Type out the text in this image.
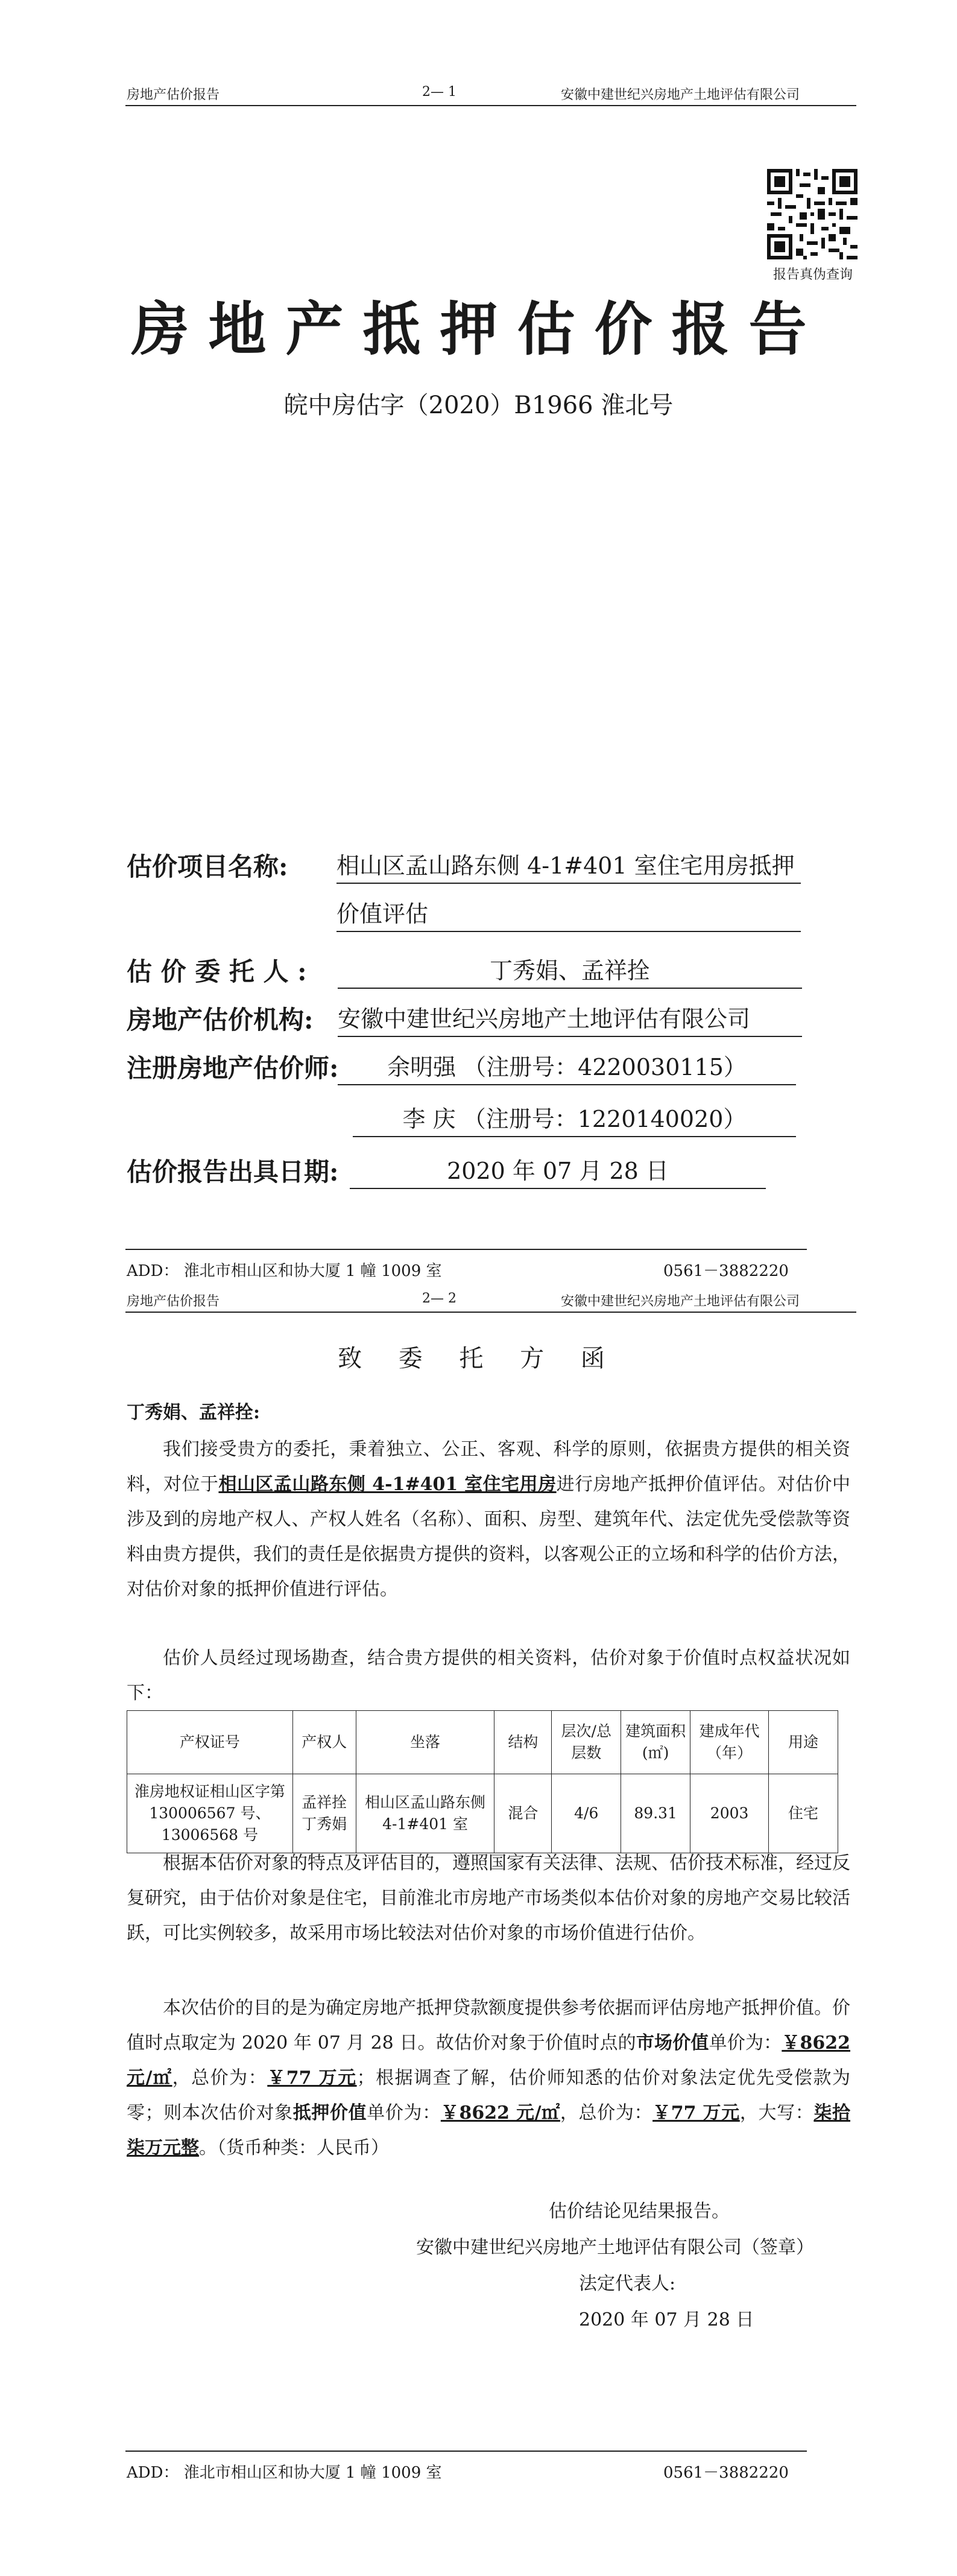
房地产估价报告	2— 1	安徽中建世纪兴房地产土地评估有限公司
报告真伪查询
房地产抵押估价报告
皖中房估字（2020）B1966 淮北号
估价项目名称: 相山区孟山路东侧 4-1#401 室住宅用房抵押
价值评估
估 价 委 托 人 :	丁秀娟、孟祥拴
房地产估价机构: 安徽中建世纪兴房地产土地评估有限公司
注册房地产估价师:	余明强 （注册号：4220030115）
李 庆 （注册号：1220140020）
估价报告出具日期:	2020 年 07 月 28 日
ADD： 淮北市相山区和协大厦 1 幢 1009 室	0561－3882220
房地产估价报告	2— 2	安徽中建世纪兴房地产土地评估有限公司
致 委 托 方 函
丁秀娟、孟祥拴:
我们接受贵方的委托，秉着独立、公正、客观、科学的原则，依据贵方提供的相关资料，对位于相山区孟山路东侧 4-1#401 室住宅用房进行房地产抵押价值评估。对估价中涉及到的房地产权人、产权人姓名（名称）、面积、房型、建筑年代、法定优先受偿款等资料由贵方提供，我们的责任是依据贵方提供的资料，以客观公正的立场和科学的估价方法，对估价对象的抵押价值进行评估。
估价人员经过现场勘查，结合贵方提供的相关资料，估价对象于价值时点权益状况如下：
产权证号	产权人	坐落	结构	层次/总层数	建筑面积(㎡)	建成年代（年）	用途
淮房地权证相山区字第 130006567 号、13006568 号	孟祥拴 丁秀娟	相山区孟山路东侧 4-1#401 室	混合	4/6	89.31	2003	住宅
根据本估价对象的特点及评估目的，遵照国家有关法律、法规、估价技术标准，经过反复研究，由于估价对象是住宅，目前淮北市房地产市场类似本估价对象的房地产交易比较活跃，可比实例较多，故采用市场比较法对估价对象的市场价值进行估价。
本次估价的目的是为确定房地产抵押贷款额度提供参考依据而评估房地产抵押价值。价值时点取定为 2020 年 07 月 28 日。故估价对象于价值时点的市场价值单价为：￥8622 元/㎡，总价为：￥77 万元；根据调查了解，估价师知悉的估价对象法定优先受偿款为零；则本次估价对象抵押价值单价为：￥8622 元/㎡，总价为：￥77 万元，大写：柒拾柒万元整。（货币种类：人民币）
估价结论见结果报告。
安徽中建世纪兴房地产土地评估有限公司（签章）
法定代表人:
2020 年 07 月 28 日
ADD： 淮北市相山区和协大厦 1 幢 1009 室	0561－3882220
